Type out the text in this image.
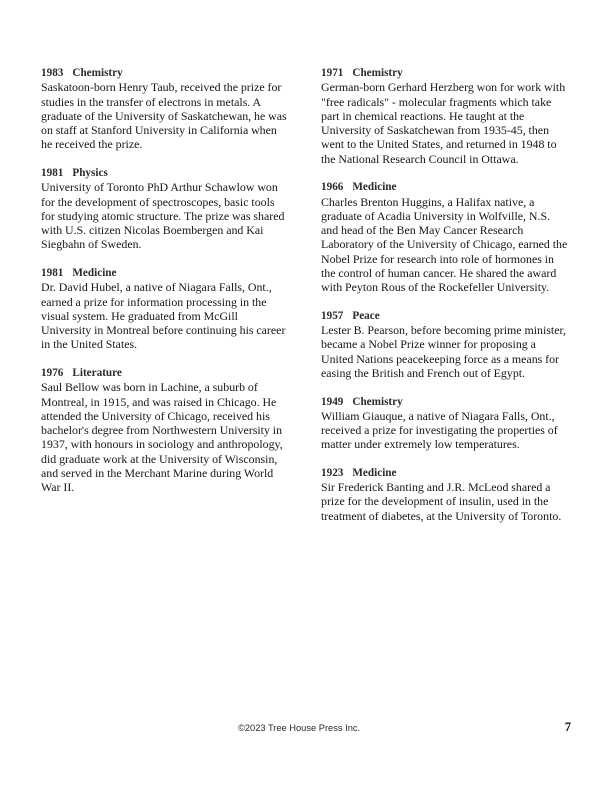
1983 Chemistry

Saskatoon-born Henry Taub, received the prize for studies in the transfer of electrons in metals. A graduate of the University of Saskatchewan, he was on staff at Stanford University in California when he received the prize.

1981 Physics

University of Toronto PhD Arthur Schawlow won for the development of spectroscopes, basic tools for studying atomic structure. The prize was shared with U.S. citizen Nicolas Boembergen and Kai Siegbahn of Sweden.

1981 Medicine

Dr. David Hubel, a native of Niagara Falls, Ont., earned a prize for information processing in the visual system. He graduated from McGill University in Montreal before continuing his career in the United States.

1976 Literature

Saul Bellow was born in Lachine, a suburb of Montreal, in 1915, and was raised in Chicago. He attended the University of Chicago, received his bachelor's degree from Northwestern University in 1937, with honours in sociology and anthropology, did graduate work at the University of Wisconsin, and served in the Merchant Marine during World War II.

1971 Chemistry

German-born Gerhard Herzberg won for work with "free radicals" - molecular fragments which take part in chemical reactions. He taught at the University of Saskatchewan from 1935-45, then went to the United States, and returned in 1948 to the National Research Council in Ottawa.

1966 Medicine

Charles Brenton Huggins, a Halifax native, a graduate of Acadia University in Wolfville, N.S. and head of the Ben May Cancer Research Laboratory of the University of Chicago, earned the Nobel Prize for research into role of hormones in the control of human cancer. He shared the award with Peyton Rous of the Rockefeller University.

1957 Peace

Lester B. Pearson, before becoming prime minister, became a Nobel Prize winner for proposing a United Nations peacekeeping force as a means for easing the British and French out of Egypt.

1949 Chemistry

William Giauque, a native of Niagara Falls, Ont., received a prize for investigating the properties of matter under extremely low temperatures.

1923 Medicine

Sir Frederick Banting and J.R. McLeod shared a prize for the development of insulin, used in the treatment of diabetes, at the University of Toronto.

©2023 Tree House Press Inc.	7
